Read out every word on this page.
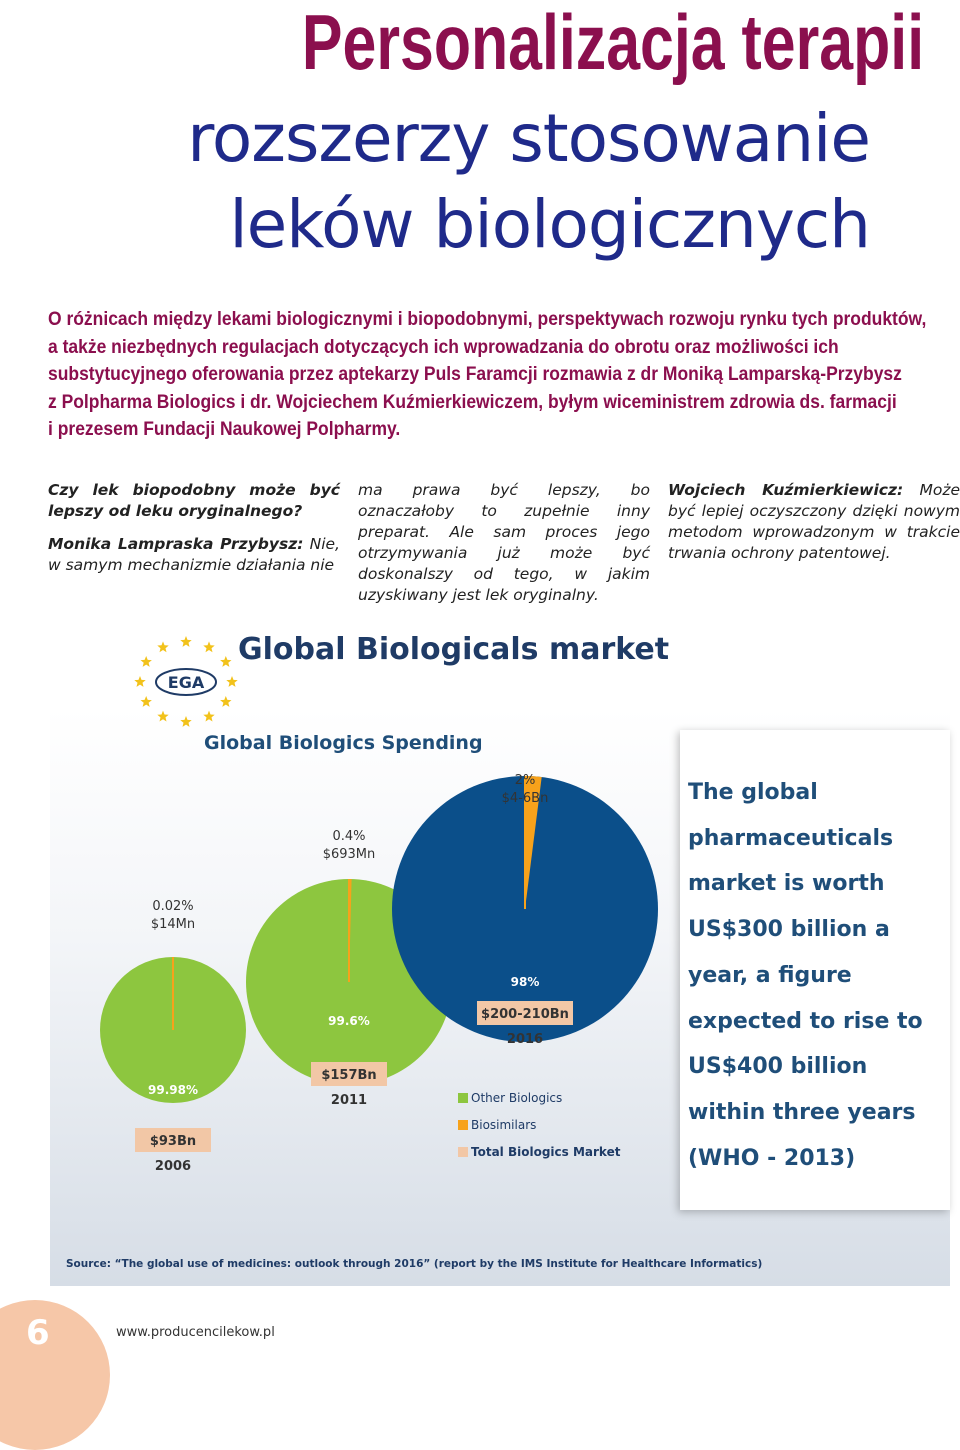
Personalizacja terapii
rozszerzy stosowanie
leków biologicznych
O różnicach między lekami biologicznymi i biopodobnymi, perspektywach rozwoju rynku tych produktów,
a także niezbędnych regulacjach dotyczących ich wprowadzania do obrotu oraz możliwości ich
substytucyjnego oferowania przez aptekarzy Puls Faramcji rozmawia z dr Moniką Lamparską-Przybysz
z Polpharma Biologics i dr. Wojciechem Kuźmierkiewiczem, byłym wiceministrem zdrowia ds. farmacji
i prezesem Fundacji Naukowej Polpharmy.

Czy lek biopodobny może być lepszy od leku oryginalnego?

Monika Lampraska Przybysz: Nie, w samym mechanizmie działania nie

ma prawa być lepszy, bo oznaczałoby to zupełnie inny preparat. Ale sam proces jego otrzymywania już może być doskonalszy od tego, w jakim uzyskiwany jest lek oryginalny.

Wojciech Kuźmierkiewicz: Może być lepiej oczyszczony dzięki nowym metodom wprowadzonym w trakcie trwania ochrony patentowej.

EGA
Global Biologicals market
Global Biologics Spending
0.02%
$14Mn
99.98%
$93Bn
2006
0.4%
$693Mn
99.6%
$157Bn
2011
2%
$4-6Bn
98%
$200-210Bn
2016
Other Biologics
Biosimilars
Total Biologics Market
The global
pharmaceuticals
market is worth
US$300 billion a
year, a figure
expected to rise to
US$400 billion
within three years
(WHO - 2013)
Source: “The global use of medicines: outlook through 2016” (report by the IMS Institute for Healthcare Informatics)
6	www.producencilekow.pl
